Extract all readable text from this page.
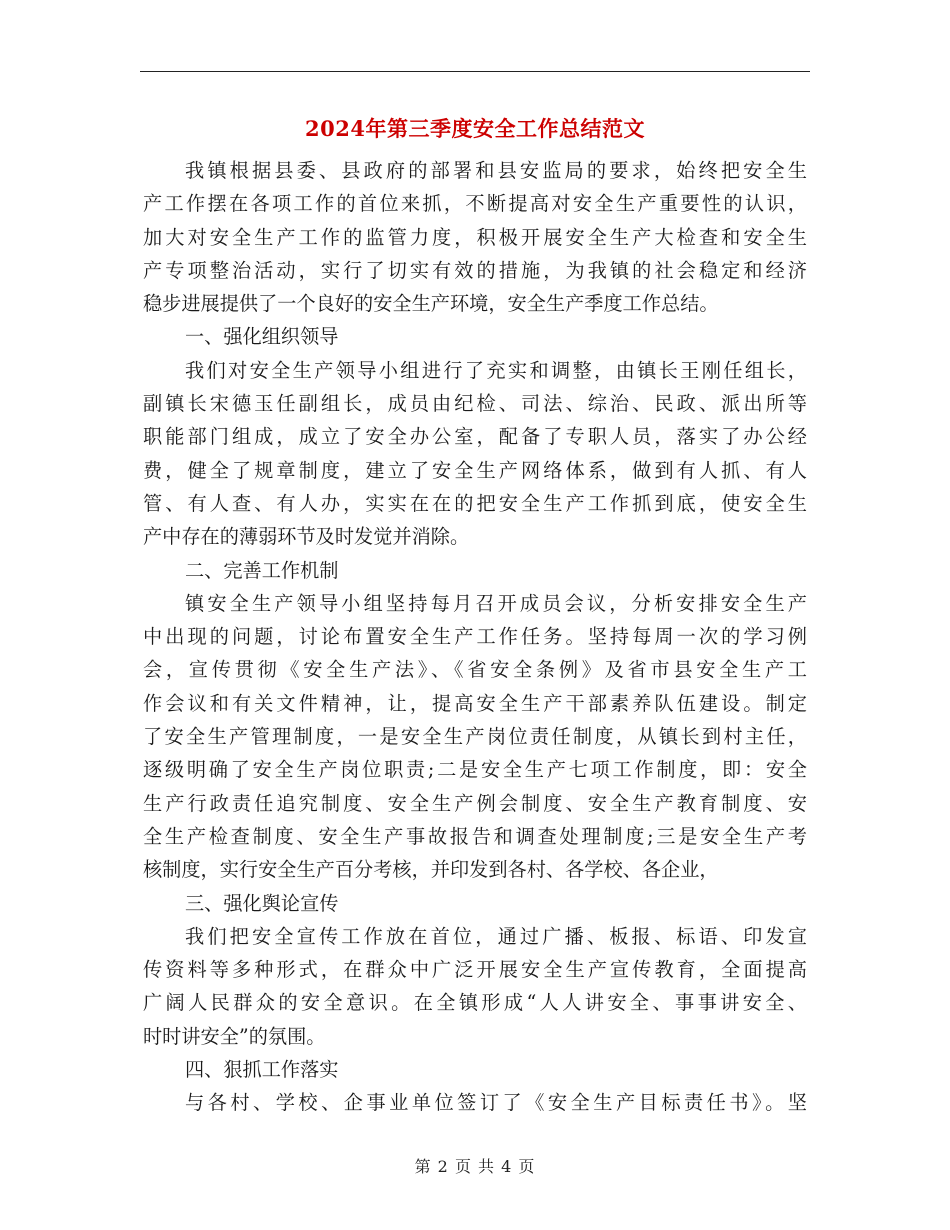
2024年第三季度安全工作总结范文
我镇根据县委、县政府的部署和县安监局的要求，始终把安全生
产工作摆在各项工作的首位来抓，不断提高对安全生产重要性的认识，
加大对安全生产工作的监管力度，积极开展安全生产大检查和安全生
产专项整治活动，实行了切实有效的措施，为我镇的社会稳定和经济
稳步进展提供了一个良好的安全生产环境，安全生产季度工作总结。
一、强化组织领导
我们对安全生产领导小组进行了充实和调整，由镇长王刚任组长，
副镇长宋德玉任副组长，成员由纪检、司法、综治、民政、派出所等
职能部门组成，成立了安全办公室，配备了专职人员，落实了办公经
费，健全了规章制度，建立了安全生产网络体系，做到有人抓、有人
管、有人查、有人办，实实在在的把安全生产工作抓到底，使安全生
产中存在的薄弱环节及时发觉并消除。
二、完善工作机制
镇安全生产领导小组坚持每月召开成员会议，分析安排安全生产
中出现的问题，讨论布置安全生产工作任务。坚持每周一次的学习例
会，宣传贯彻《安全生产法》、《省安全条例》及省市县安全生产工
作会议和有关文件精神，让，提高安全生产干部素养队伍建设。制定
了安全生产管理制度，一是安全生产岗位责任制度，从镇长到村主任，
逐级明确了安全生产岗位职责;二是安全生产七项工作制度，即：安全
生产行政责任追究制度、安全生产例会制度、安全生产教育制度、安
全生产检查制度、安全生产事故报告和调查处理制度;三是安全生产考
核制度，实行安全生产百分考核，并印发到各村、各学校、各企业，
三、强化舆论宣传
我们把安全宣传工作放在首位，通过广播、板报、标语、印发宣
传资料等多种形式，在群众中广泛开展安全生产宣传教育，全面提高
广阔人民群众的安全意识。在全镇形成“人人讲安全、事事讲安全、
时时讲安全”的氛围。
四、狠抓工作落实
与各村、学校、企事业单位签订了《安全生产目标责任书》。坚
第 2 页 共 4 页
